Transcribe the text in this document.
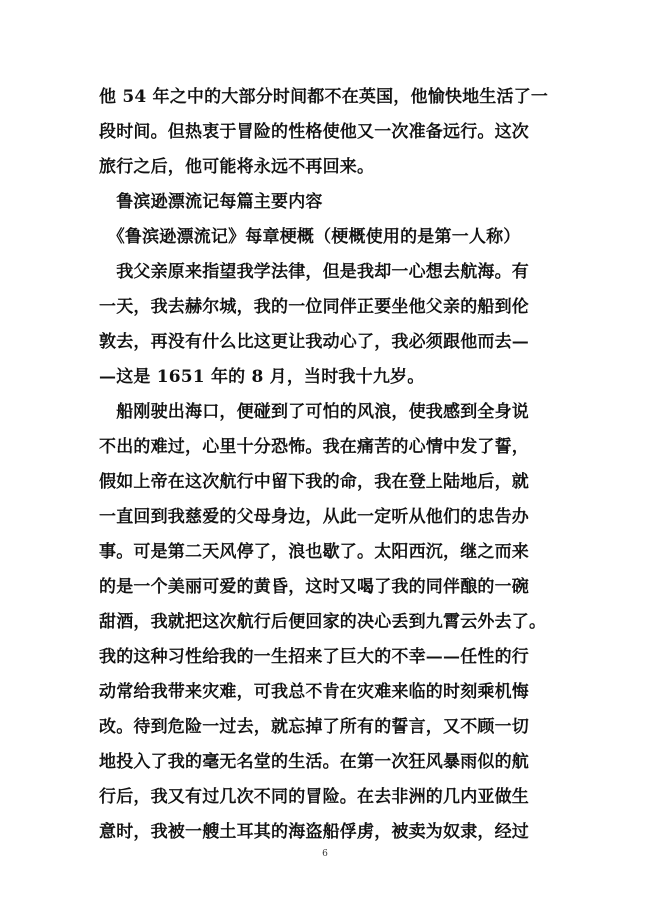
他 54 年之中的大部分时间都不在英国，他愉快地生活了一
段时间。但热衷于冒险的性格使他又一次准备远行。这次
旅行之后，他可能将永远不再回来。
　鲁滨逊漂流记每篇主要内容
　《鲁滨逊漂流记》每章梗概（梗概使用的是第一人称）
　我父亲原来指望我学法律，但是我却一心想去航海。有
一天，我去赫尔城，我的一位同伴正要坐他父亲的船到伦
敦去，再没有什么比这更让我动心了，我必须跟他而去—
—这是 1651 年的 8 月，当时我十九岁。
　船刚驶出海口，便碰到了可怕的风浪，使我感到全身说
不出的难过，心里十分恐怖。我在痛苦的心情中发了誓，
假如上帝在这次航行中留下我的命，我在登上陆地后，就
一直回到我慈爱的父母身边，从此一定听从他们的忠告办
事。可是第二天风停了，浪也歇了。太阳西沉，继之而来
的是一个美丽可爱的黄昏，这时又喝了我的同伴酿的一碗
甜酒，我就把这次航行后便回家的决心丢到九霄云外去了。
我的这种习性给我的一生招来了巨大的不幸——任性的行
动常给我带来灾难，可我总不肯在灾难来临的时刻乘机悔
改。待到危险一过去，就忘掉了所有的誓言，又不顾一切
地投入了我的毫无名堂的生活。在第一次狂风暴雨似的航
行后，我又有过几次不同的冒险。在去非洲的几内亚做生
意时，我被一艘土耳其的海盗船俘虏，被卖为奴隶，经过
6
